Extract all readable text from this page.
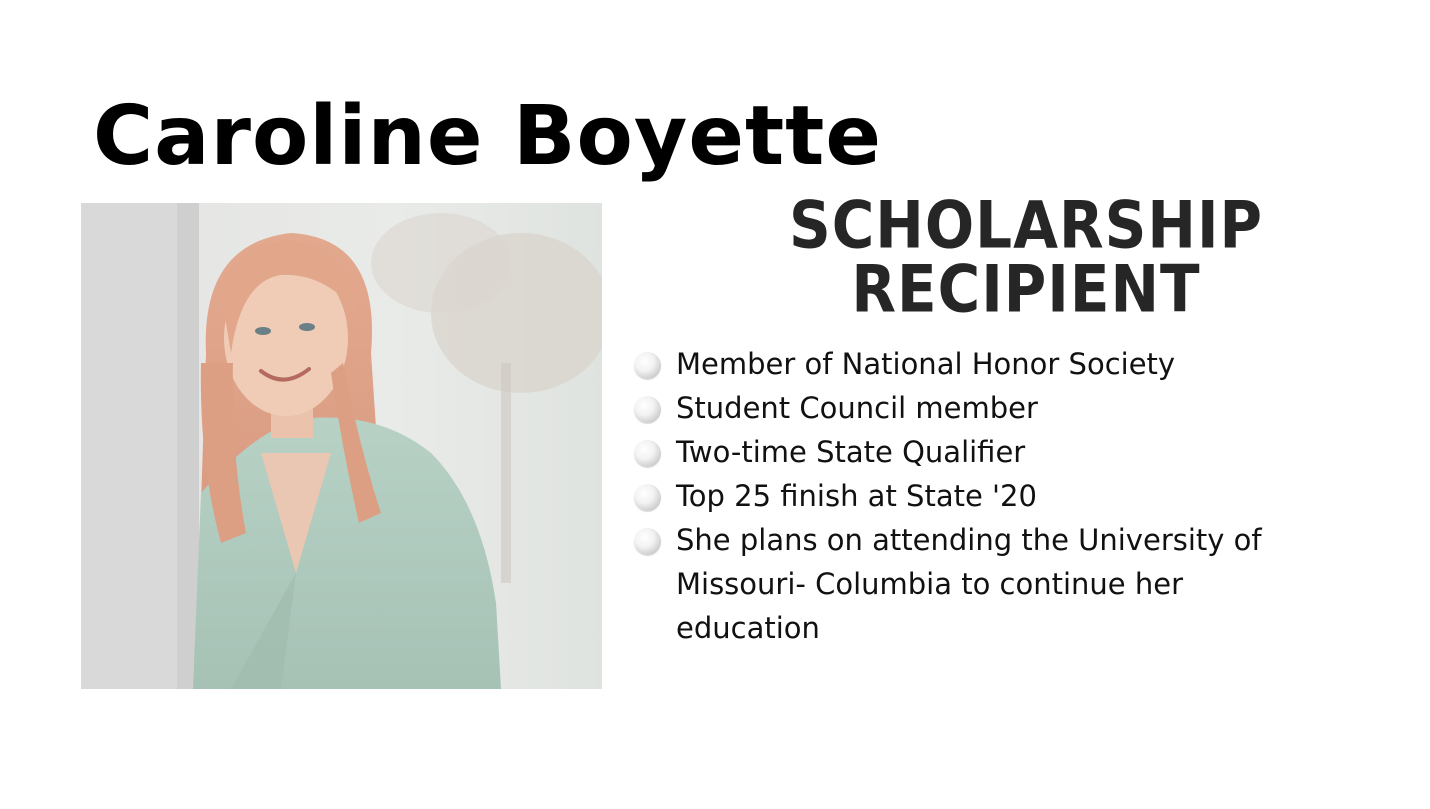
Caroline Boyette
SCHOLARSHIP
RECIPIENT
Member of National Honor Society
Student Council member
Two-time State Qualifier
Top 25 finish at State '20
She plans on attending the University of Missouri- Columbia to continue her education
